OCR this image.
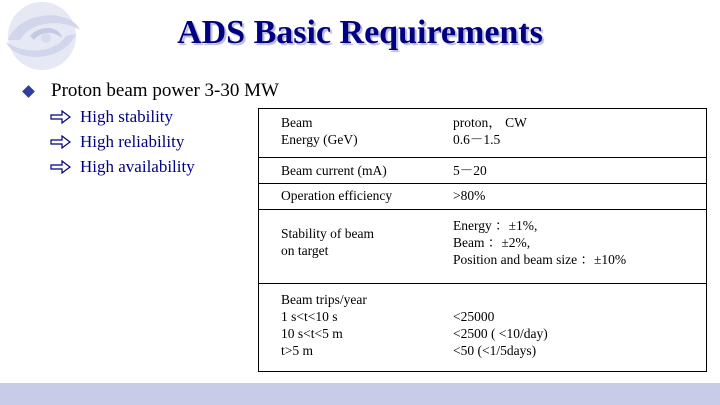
ADS Basic Requirements
Proton beam power 3-30 MW
High stability
High reliability
High availability
Beam
Energy (GeV)
proton， CW
0.6－1.5
Beam current (mA)	5－20
Operation efficiency	>80%
Stability of beam
on target
Energy ：±1%,
Beam ：±2%,
Position and beam size ：±10%
Beam trips/year
1 s<t<10 s
10 s<t<5 m
t>5 m
<25000
<2500 ( <10/day)
<50 (<1/5days)
